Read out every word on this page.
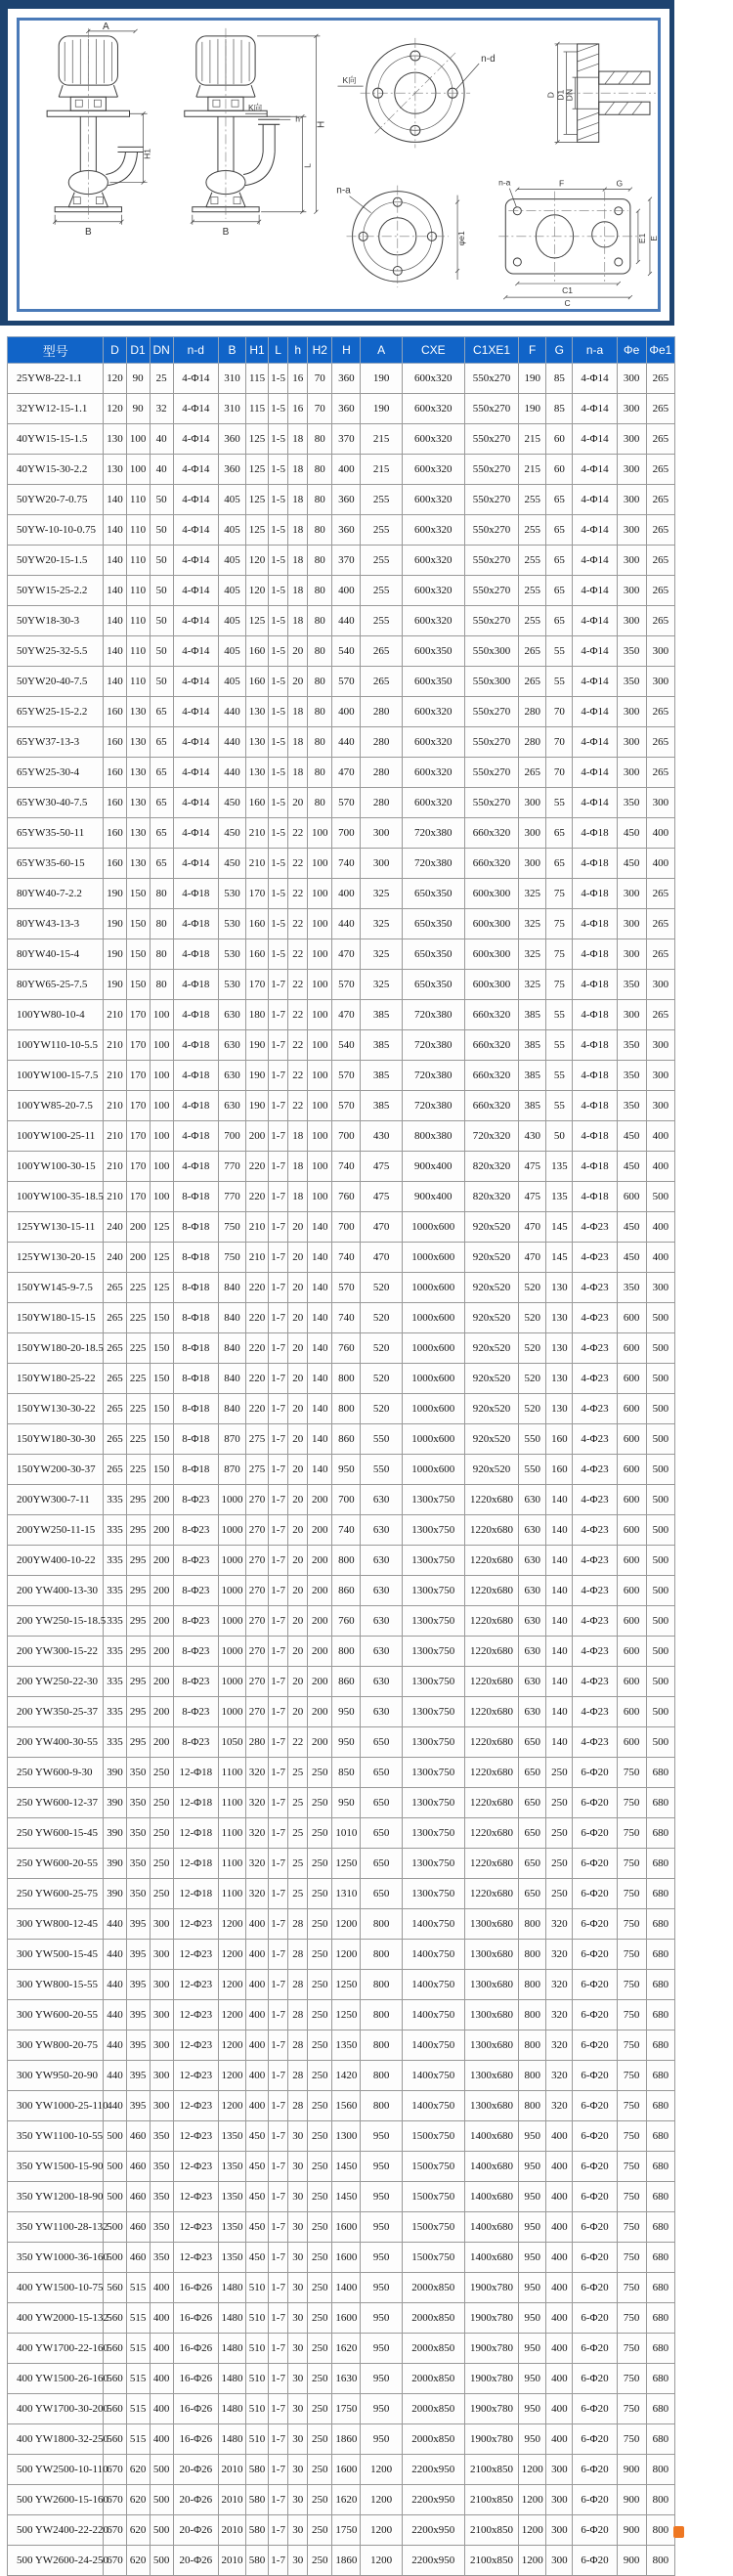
A
B
H1
K向
B
h
L
H
n-d
K向
D D1 DN
n-a
φe1
n-a	F	G
E1 E
C1
C
型号	D	D1	DN	n-d	B	H1	L	h	H2	H	A	CXE	C1XE1	F	G	n-a	Φe	Φe1
25YW8-22-1.1	120	90	25	4-Φ14	310	115	1-5	16	70	360	190	600x320	550x270	190	85	4-Φ14	300	265
32YW12-15-1.1	120	90	32	4-Φ14	310	115	1-5	16	70	360	190	600x320	550x270	190	85	4-Φ14	300	265
40YW15-15-1.5	130	100	40	4-Φ14	360	125	1-5	18	80	370	215	600x320	550x270	215	60	4-Φ14	300	265
40YW15-30-2.2	130	100	40	4-Φ14	360	125	1-5	18	80	400	215	600x320	550x270	215	60	4-Φ14	300	265
50YW20-7-0.75	140	110	50	4-Φ14	405	125	1-5	18	80	360	255	600x320	550x270	255	65	4-Φ14	300	265
50YW-10-10-0.75	140	110	50	4-Φ14	405	125	1-5	18	80	360	255	600x320	550x270	255	65	4-Φ14	300	265
50YW20-15-1.5	140	110	50	4-Φ14	405	120	1-5	18	80	370	255	600x320	550x270	255	65	4-Φ14	300	265
50YW15-25-2.2	140	110	50	4-Φ14	405	120	1-5	18	80	400	255	600x320	550x270	255	65	4-Φ14	300	265
50YW18-30-3	140	110	50	4-Φ14	405	125	1-5	18	80	440	255	600x320	550x270	255	65	4-Φ14	300	265
50YW25-32-5.5	140	110	50	4-Φ14	405	160	1-5	20	80	540	265	600x350	550x300	265	55	4-Φ14	350	300
50YW20-40-7.5	140	110	50	4-Φ14	405	160	1-5	20	80	570	265	600x350	550x300	265	55	4-Φ14	350	300
65YW25-15-2.2	160	130	65	4-Φ14	440	130	1-5	18	80	400	280	600x320	550x270	280	70	4-Φ14	300	265
65YW37-13-3	160	130	65	4-Φ14	440	130	1-5	18	80	440	280	600x320	550x270	280	70	4-Φ14	300	265
65YW25-30-4	160	130	65	4-Φ14	440	130	1-5	18	80	470	280	600x320	550x270	265	70	4-Φ14	300	265
65YW30-40-7.5	160	130	65	4-Φ14	450	160	1-5	20	80	570	280	600x320	550x270	300	55	4-Φ14	350	300
65YW35-50-11	160	130	65	4-Φ14	450	210	1-5	22	100	700	300	720x380	660x320	300	65	4-Φ18	450	400
65YW35-60-15	160	130	65	4-Φ14	450	210	1-5	22	100	740	300	720x380	660x320	300	65	4-Φ18	450	400
80YW40-7-2.2	190	150	80	4-Φ18	530	170	1-5	22	100	400	325	650x350	600x300	325	75	4-Φ18	300	265
80YW43-13-3	190	150	80	4-Φ18	530	160	1-5	22	100	440	325	650x350	600x300	325	75	4-Φ18	300	265
80YW40-15-4	190	150	80	4-Φ18	530	160	1-5	22	100	470	325	650x350	600x300	325	75	4-Φ18	300	265
80YW65-25-7.5	190	150	80	4-Φ18	530	170	1-7	22	100	570	325	650x350	600x300	325	75	4-Φ18	350	300
100YW80-10-4	210	170	100	4-Φ18	630	180	1-7	22	100	470	385	720x380	660x320	385	55	4-Φ18	300	265
100YW110-10-5.5	210	170	100	4-Φ18	630	190	1-7	22	100	540	385	720x380	660x320	385	55	4-Φ18	350	300
100YW100-15-7.5	210	170	100	4-Φ18	630	190	1-7	22	100	570	385	720x380	660x320	385	55	4-Φ18	350	300
100YW85-20-7.5	210	170	100	4-Φ18	630	190	1-7	22	100	570	385	720x380	660x320	385	55	4-Φ18	350	300
100YW100-25-11	210	170	100	4-Φ18	700	200	1-7	18	100	700	430	800x380	720x320	430	50	4-Φ18	450	400
100YW100-30-15	210	170	100	4-Φ18	770	220	1-7	18	100	740	475	900x400	820x320	475	135	4-Φ18	450	400
100YW100-35-18.5	210	170	100	8-Φ18	770	220	1-7	18	100	760	475	900x400	820x320	475	135	4-Φ18	600	500
125YW130-15-11	240	200	125	8-Φ18	750	210	1-7	20	140	700	470	1000x600	920x520	470	145	4-Φ23	450	400
125YW130-20-15	240	200	125	8-Φ18	750	210	1-7	20	140	740	470	1000x600	920x520	470	145	4-Φ23	450	400
150YW145-9-7.5	265	225	125	8-Φ18	840	220	1-7	20	140	570	520	1000x600	920x520	520	130	4-Φ23	350	300
150YW180-15-15	265	225	150	8-Φ18	840	220	1-7	20	140	740	520	1000x600	920x520	520	130	4-Φ23	600	500
150YW180-20-18.5	265	225	150	8-Φ18	840	220	1-7	20	140	760	520	1000x600	920x520	520	130	4-Φ23	600	500
150YW180-25-22	265	225	150	8-Φ18	840	220	1-7	20	140	800	520	1000x600	920x520	520	130	4-Φ23	600	500
150YW130-30-22	265	225	150	8-Φ18	840	220	1-7	20	140	800	520	1000x600	920x520	520	130	4-Φ23	600	500
150YW180-30-30	265	225	150	8-Φ18	870	275	1-7	20	140	860	550	1000x600	920x520	550	160	4-Φ23	600	500
150YW200-30-37	265	225	150	8-Φ18	870	275	1-7	20	140	950	550	1000x600	920x520	550	160	4-Φ23	600	500
200YW300-7-11	335	295	200	8-Φ23	1000	270	1-7	20	200	700	630	1300x750	1220x680	630	140	4-Φ23	600	500
200YW250-11-15	335	295	200	8-Φ23	1000	270	1-7	20	200	740	630	1300x750	1220x680	630	140	4-Φ23	600	500
200YW400-10-22	335	295	200	8-Φ23	1000	270	1-7	20	200	800	630	1300x750	1220x680	630	140	4-Φ23	600	500
200 YW400-13-30	335	295	200	8-Φ23	1000	270	1-7	20	200	860	630	1300x750	1220x680	630	140	4-Φ23	600	500
200 YW250-15-18.5	335	295	200	8-Φ23	1000	270	1-7	20	200	760	630	1300x750	1220x680	630	140	4-Φ23	600	500
200 YW300-15-22	335	295	200	8-Φ23	1000	270	1-7	20	200	800	630	1300x750	1220x680	630	140	4-Φ23	600	500
200 YW250-22-30	335	295	200	8-Φ23	1000	270	1-7	20	200	860	630	1300x750	1220x680	630	140	4-Φ23	600	500
200 YW350-25-37	335	295	200	8-Φ23	1000	270	1-7	20	200	950	630	1300x750	1220x680	630	140	4-Φ23	600	500
200 YW400-30-55	335	295	200	8-Φ23	1050	280	1-7	22	200	950	650	1300x750	1220x680	650	140	4-Φ23	600	500
250 YW600-9-30	390	350	250	12-Φ18	1100	320	1-7	25	250	850	650	1300x750	1220x680	650	250	6-Φ20	750	680
250 YW600-12-37	390	350	250	12-Φ18	1100	320	1-7	25	250	950	650	1300x750	1220x680	650	250	6-Φ20	750	680
250 YW600-15-45	390	350	250	12-Φ18	1100	320	1-7	25	250	1010	650	1300x750	1220x680	650	250	6-Φ20	750	680
250 YW600-20-55	390	350	250	12-Φ18	1100	320	1-7	25	250	1250	650	1300x750	1220x680	650	250	6-Φ20	750	680
250 YW600-25-75	390	350	250	12-Φ18	1100	320	1-7	25	250	1310	650	1300x750	1220x680	650	250	6-Φ20	750	680
300 YW800-12-45	440	395	300	12-Φ23	1200	400	1-7	28	250	1200	800	1400x750	1300x680	800	320	6-Φ20	750	680
300 YW500-15-45	440	395	300	12-Φ23	1200	400	1-7	28	250	1200	800	1400x750	1300x680	800	320	6-Φ20	750	680
300 YW800-15-55	440	395	300	12-Φ23	1200	400	1-7	28	250	1250	800	1400x750	1300x680	800	320	6-Φ20	750	680
300 YW600-20-55	440	395	300	12-Φ23	1200	400	1-7	28	250	1250	800	1400x750	1300x680	800	320	6-Φ20	750	680
300 YW800-20-75	440	395	300	12-Φ23	1200	400	1-7	28	250	1350	800	1400x750	1300x680	800	320	6-Φ20	750	680
300 YW950-20-90	440	395	300	12-Φ23	1200	400	1-7	28	250	1420	800	1400x750	1300x680	800	320	6-Φ20	750	680
300 YW1000-25-110	440	395	300	12-Φ23	1200	400	1-7	28	250	1560	800	1400x750	1300x680	800	320	6-Φ20	750	680
350 YW1100-10-55	500	460	350	12-Φ23	1350	450	1-7	30	250	1300	950	1500x750	1400x680	950	400	6-Φ20	750	680
350 YW1500-15-90	500	460	350	12-Φ23	1350	450	1-7	30	250	1450	950	1500x750	1400x680	950	400	6-Φ20	750	680
350 YW1200-18-90	500	460	350	12-Φ23	1350	450	1-7	30	250	1450	950	1500x750	1400x680	950	400	6-Φ20	750	680
350 YW1100-28-132	500	460	350	12-Φ23	1350	450	1-7	30	250	1600	950	1500x750	1400x680	950	400	6-Φ20	750	680
350 YW1000-36-160	500	460	350	12-Φ23	1350	450	1-7	30	250	1600	950	1500x750	1400x680	950	400	6-Φ20	750	680
400 YW1500-10-75	560	515	400	16-Φ26	1480	510	1-7	30	250	1400	950	2000x850	1900x780	950	400	6-Φ20	750	680
400 YW2000-15-132	560	515	400	16-Φ26	1480	510	1-7	30	250	1600	950	2000x850	1900x780	950	400	6-Φ20	750	680
400 YW1700-22-160	560	515	400	16-Φ26	1480	510	1-7	30	250	1620	950	2000x850	1900x780	950	400	6-Φ20	750	680
400 YW1500-26-160	560	515	400	16-Φ26	1480	510	1-7	30	250	1630	950	2000x850	1900x780	950	400	6-Φ20	750	680
400 YW1700-30-200	560	515	400	16-Φ26	1480	510	1-7	30	250	1750	950	2000x850	1900x780	950	400	6-Φ20	750	680
400 YW1800-32-250	560	515	400	16-Φ26	1480	510	1-7	30	250	1860	950	2000x850	1900x780	950	400	6-Φ20	750	680
500 YW2500-10-110	670	620	500	20-Φ26	2010	580	1-7	30	250	1600	1200	2200x950	2100x850	1200	300	6-Φ20	900	800
500 YW2600-15-160	670	620	500	20-Φ26	2010	580	1-7	30	250	1620	1200	2200x950	2100x850	1200	300	6-Φ20	900	800
500 YW2400-22-220	670	620	500	20-Φ26	2010	580	1-7	30	250	1750	1200	2200x950	2100x850	1200	300	6-Φ20	900	800
500 YW2600-24-250	670	620	500	20-Φ26	2010	580	1-7	30	250	1860	1200	2200x950	2100x850	1200	300	6-Φ20	900	800
